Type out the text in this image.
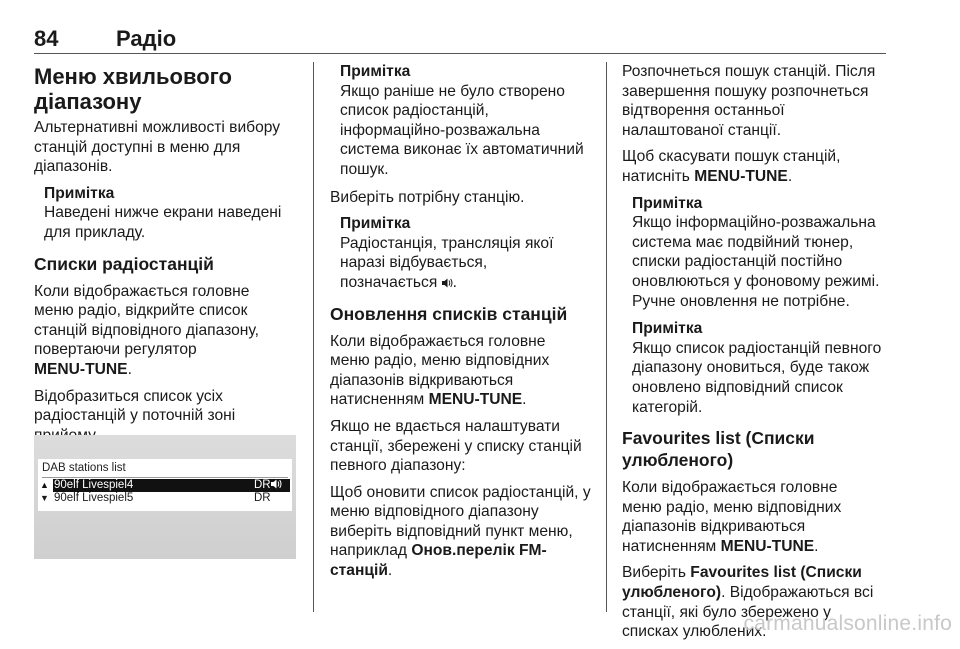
84	Радіо
Меню хвильового
діапазону

Альтернативні можливості вибору
станцій доступні в меню для
діапазонів.

Примітка
Наведені нижче екрани наведені
для прикладу.
Списки радіостанцій

Коли відображається головне
меню радіо, відкрийте список
станцій відповідного діапазону,
повертаючи регулятор
MENU-TUNE.

Відобразиться список усіх
радіостанцій у поточній зоні

DAB stations list
▲ 90elf Livespiel4	DR
▼ 90elf Livespiel5	DR
Примітка
Якщо раніше не було створено
список радіостанцій,
інформаційно-розважальна
система виконає їх автоматичний
пошук.

Виберіть потрібну станцію.

Примітка
Радіостанція, трансляція якої
наразі відбувається,
позначається .
Оновлення списків станцій

Коли відображається головне
меню радіо, меню відповідних
діапазонів відкриваються
натисненням MENU-TUNE.

Якщо не вдається налаштувати
станції, збережені у списку станцій
певного діапазону:

Щоб оновити список радіостанцій, у
меню відповідного діапазону
виберіть відповідний пункт меню,
наприклад Онов.перелік FM-
станцій.

Розпочнеться пошук станцій. Після
завершення пошуку розпочнеться
відтворення останньої
налаштованої станції.

Щоб скасувати пошук станцій,
натисніть MENU-TUNE.

Примітка
Якщо інформаційно-розважальна
система має подвійний тюнер,
списки радіостанцій постійно
оновлюються у фоновому режимі.
Ручне оновлення не потрібне.
Примітка
Якщо список радіостанцій певного
діапазону оновиться, буде також
оновлено відповідний список
категорій.
Favourites list (Списки
улюбленого)

Коли відображається головне
меню радіо, меню відповідних
діапазонів відкриваються
натисненням MENU-TUNE.

Виберіть Favourites list (Списки
улюбленого). Відображаються всі
станції, які було збережено у
списках улюблених.

carmanualsonline.info
